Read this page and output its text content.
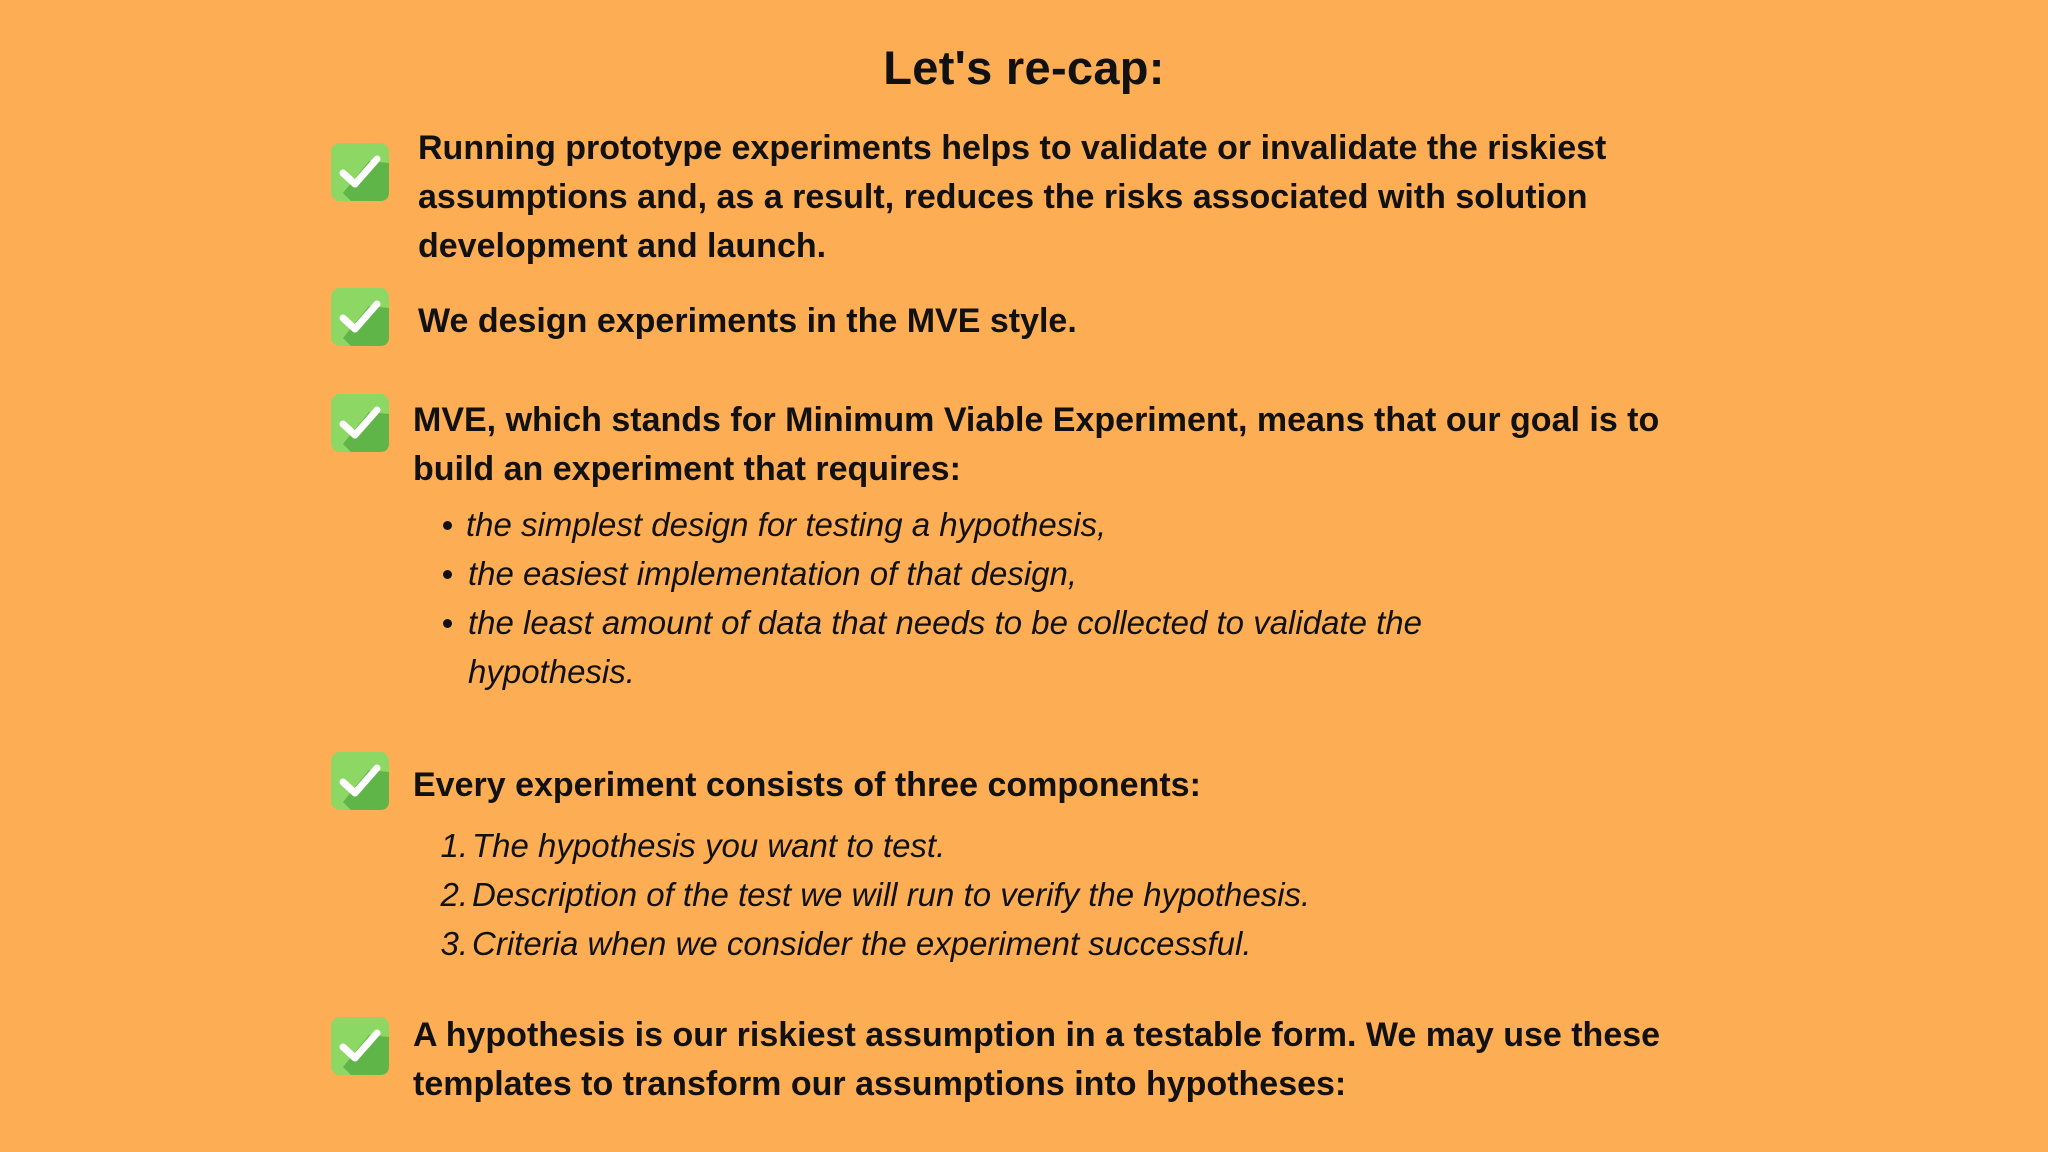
Let's re-cap:
Running prototype experiments helps to validate or invalidate the riskiest
assumptions and, as a result, reduces the risks associated with solution
development and launch.
We design experiments in the MVE style.
MVE, which stands for Minimum Viable Experiment, means that our goal is to
build an experiment that requires:
the simplest design for testing a hypothesis,
the easiest implementation of that design,
the least amount of data that needs to be collected to validate the
hypothesis.
Every experiment consists of three components:
1. The hypothesis you want to test.
2. Description of the test we will run to verify the hypothesis.
3. Criteria when we consider the experiment successful.
A hypothesis is our riskiest assumption in a testable form. We may use these
templates to transform our assumptions into hypotheses:
